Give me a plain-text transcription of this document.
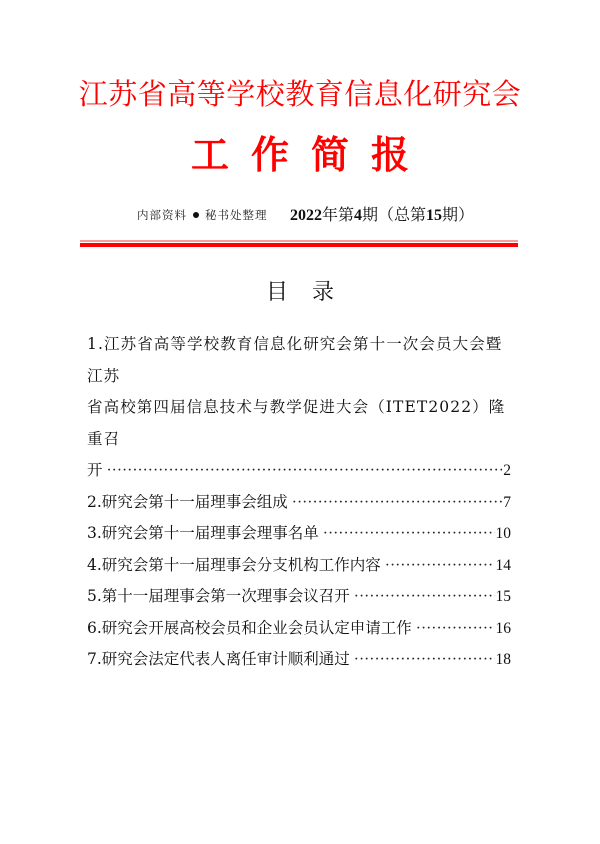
江苏省高等学校教育信息化研究会
工作简报
内部资料 秘书处整理 2022年第4期（总第15期）
目录
1.江苏省高等学校教育信息化研究会第十一次会员大会暨江苏
省高校第四届信息技术与教学促进大会（ITET2022）隆重召
开 ·····	2
2.研究会第十一届理事会组成 ·····	7
3.研究会第十一届理事会理事名单 ·····	10
4.研究会第十一届理事会分支机构工作内容 ·····	14
5.第十一届理事会第一次理事会议召开 ·····	15
6.研究会开展高校会员和企业会员认定申请工作 ·····	16
7.研究会法定代表人离任审计顺利通过 ·····	18
